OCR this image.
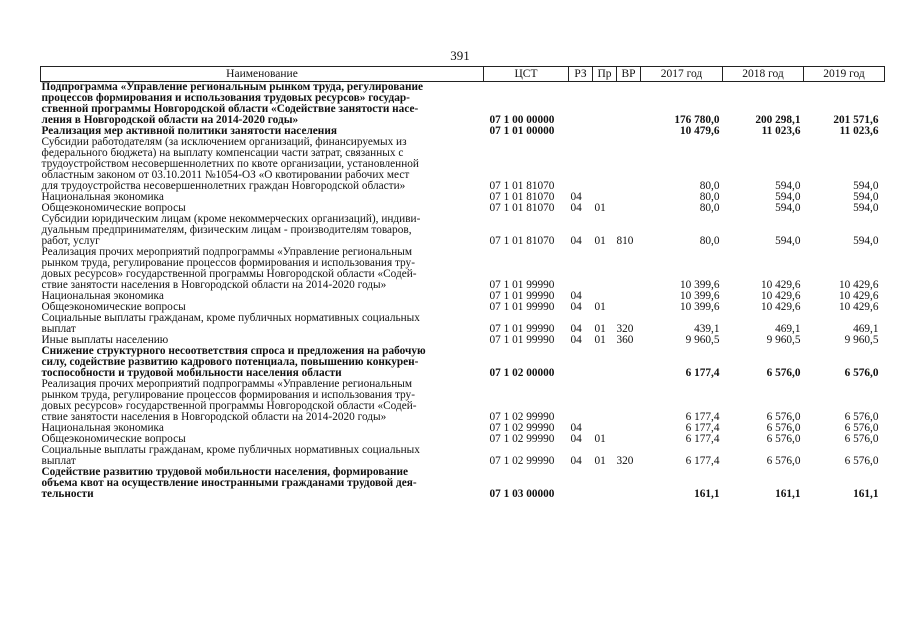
391
Наименование	ЦСТ	РЗ	Пр	ВР	2017 год	2018 год	2019 год

Подпрограмма «Управление региональным рынком труда, регулирование
процессов формирования и использования трудовых ресурсов» государ-
ственной программы Новгородской области «Содействие занятости насе-
ления в Новгородской области на 2014-2020 годы»	07 1 00 00000				176 780,0	200 298,1	201 571,6

Реализация мер активной политики занятости населения	07 1 01 00000				10 479,6	11 023,6	11 023,6

Субсидии работодателям (за исключением организаций, финансируемых из
федерального бюджета) на выплату компенсации части затрат, связанных с
трудоустройством несовершеннолетних по квоте организации, установленной
областным законом от 03.10.2011 №1054-ОЗ «О квотировании рабочих мест
для трудоустройства несовершеннолетних граждан Новгородской области»	07 1 01 81070				80,0	594,0	594,0

Национальная экономика	07 1 01 81070	04			80,0	594,0	594,0

Общеэкономические вопросы	07 1 01 81070	04	01		80,0	594,0	594,0

Субсидии юридическим лицам (кроме некоммерческих организаций), индиви-
дуальным предпринимателям, физическим лицам - производителям товаров,
работ, услуг	07 1 01 81070	04	01	810	80,0	594,0	594,0

Реализация прочих мероприятий подпрограммы «Управление региональным
рынком труда, регулирование процессов формирования и использования тру-
довых ресурсов» государственной программы Новгородской области «Содей-
ствие занятости населения в Новгородской области на 2014-2020 годы»	07 1 01 99990				10 399,6	10 429,6	10 429,6

Национальная экономика	07 1 01 99990	04			10 399,6	10 429,6	10 429,6

Общеэкономические вопросы	07 1 01 99990	04	01		10 399,6	10 429,6	10 429,6

Социальные выплаты гражданам, кроме публичных нормативных социальных
выплат	07 1 01 99990	04	01	320	439,1	469,1	469,1

Иные выплаты населению	07 1 01 99990	04	01	360	9 960,5	9 960,5	9 960,5

Снижение структурного несоответствия спроса и предложения на рабочую
силу, содействие развитию кадрового потенциала, повышению конкурен-
тоспособности и трудовой мобильности населения области	07 1 02 00000				6 177,4	6 576,0	6 576,0

Реализация прочих мероприятий подпрограммы «Управление региональным
рынком труда, регулирование процессов формирования и использования тру-
довых ресурсов» государственной программы Новгородской области «Содей-
ствие занятости населения в Новгородской области на 2014-2020 годы»	07 1 02 99990				6 177,4	6 576,0	6 576,0

Национальная экономика	07 1 02 99990	04			6 177,4	6 576,0	6 576,0

Общеэкономические вопросы	07 1 02 99990	04	01		6 177,4	6 576,0	6 576,0

Социальные выплаты гражданам, кроме публичных нормативных социальных
выплат	07 1 02 99990	04	01	320	6 177,4	6 576,0	6 576,0

Содействие развитию трудовой мобильности населения, формирование
объема квот на осуществление иностранными гражданами трудовой дея-
тельности	07 1 03 00000				161,1	161,1	161,1
